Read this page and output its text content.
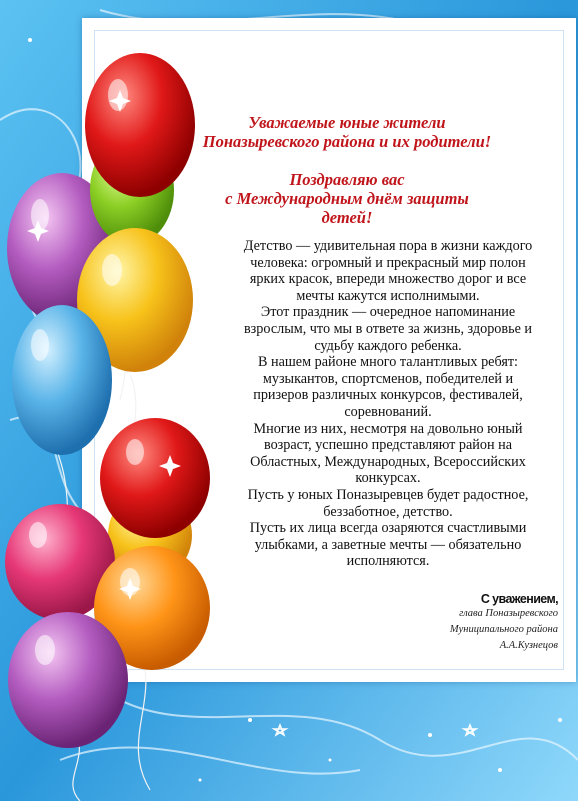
Уважаемые юные жители
Поназыревского района и их родители!
Поздравляю вас
с Международным днём защиты
детей!

Детство — удивительная пора в жизни каждого

человека: огромный и прекрасный мир полон

ярких красок, впереди множество дорог и все

мечты кажутся исполнимыми.

Этот праздник — очередное напоминание

взрослым, что мы в ответе за жизнь, здоровье и

судьбу каждого ребенка.

В нашем районе много талантливых ребят:

музыкантов, спортсменов, победителей и

призеров различных конкурсов, фестивалей,

соревнований.

Многие из них, несмотря на довольно юный

возраст, успешно представляют район на

Областных, Международных, Всероссийских

конкурсах.

Пусть у юных Поназыревцев будет радостное,

беззаботное, детство.

Пусть их лица всегда озаряются счастливыми

улыбками, а заветные мечты — обязательно

исполняются.

С уважением,
глава Поназыревского
Муниципального района
А.А.Кузнецов
